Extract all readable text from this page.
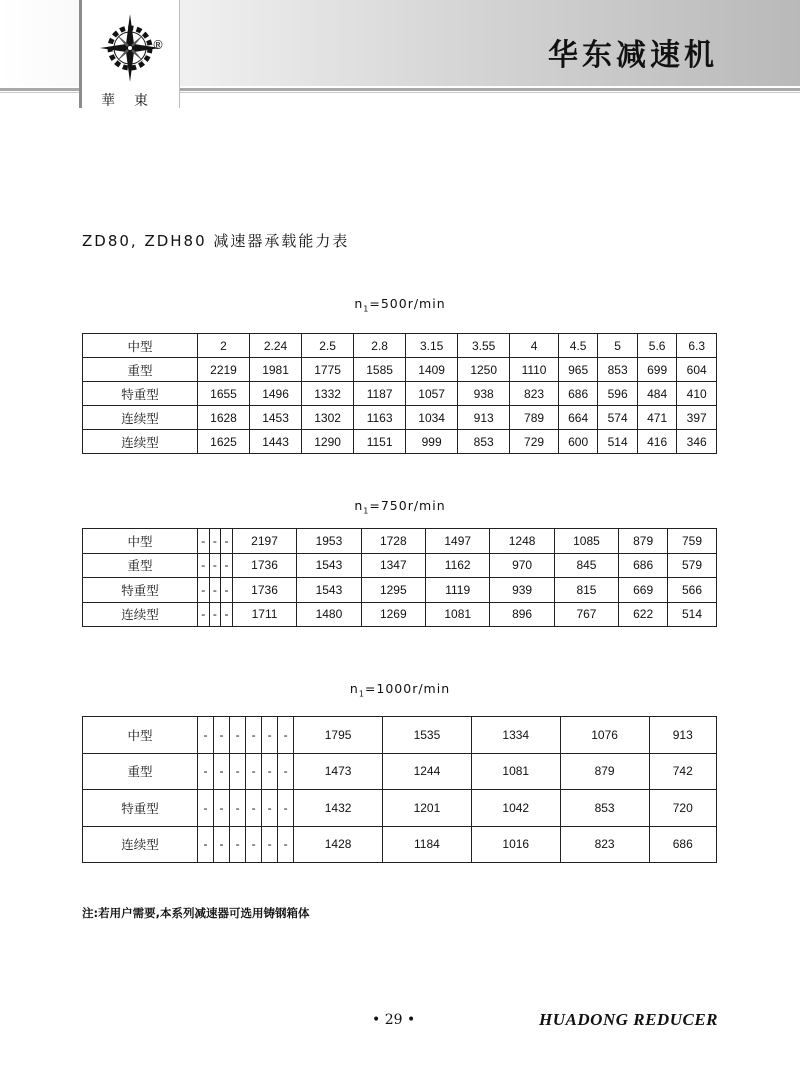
®
華 東
华东减速机
ZD80, ZDH80 减速器承载能力表
$n_1=500r/\min$
中型	2	2.24	2.5	2.8	3.15	3.55	4	4.5	5	5.6	6.3
重型	2219	1981	1775	1585	1409	1250	1110	965	853	699	604
特重型	1655	1496	1332	1187	1057	938	823	686	596	484	410
连续型	1628	1453	1302	1163	1034	913	789	664	574	471	397
连续型	1625	1443	1290	1151	999	853	729	600	514	416	346
$n_1=750r/\min$
中型	-	-	-	2197	1953	1728	1497	1248	1085	879	759
重型	-	-	-	1736	1543	1347	1162	970	845	686	579
特重型	-	-	-	1736	1543	1295	1119	939	815	669	566
连续型	-	-	-	1711	1480	1269	1081	896	767	622	514
$n_1=1000r/\min$
中型	-	-	-	-	-	-	1795	1535	1334	1076	913
重型	-	-	-	-	-	-	1473	1244	1081	879	742
特重型	-	-	-	-	-	-	1432	1201	1042	853	720
连续型	-	-	-	-	-	-	1428	1184	1016	823	686
注:若用户需要,本系列减速器可选用铸钢箱体
• 29 •	HUADONG REDUCER
